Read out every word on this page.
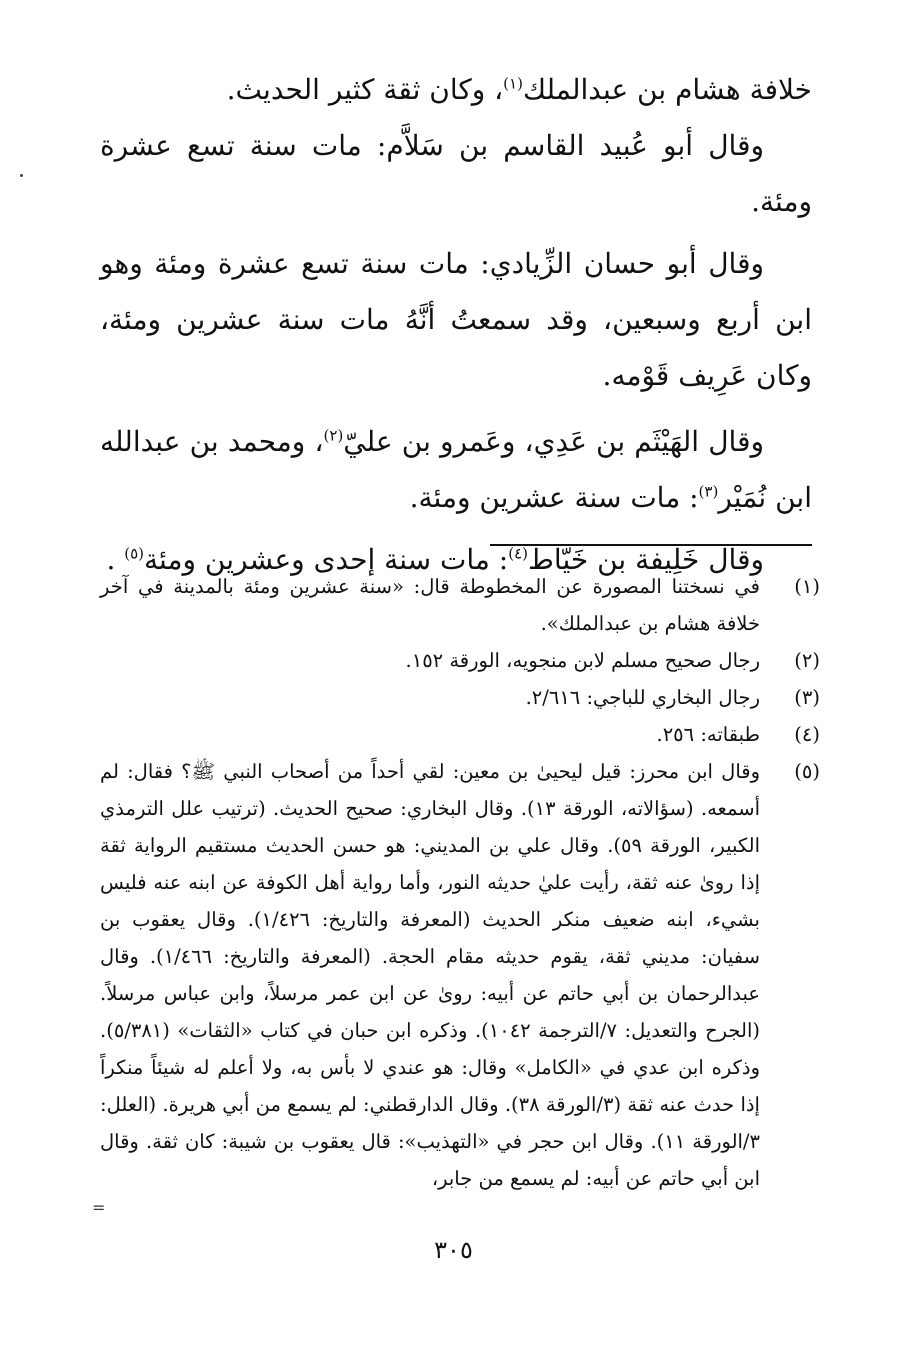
خلافة هشام بن عبدالملك$^{(١)}$، وكان ثقة كثير الحديث.

وقال أبو عُبيد القاسم بن سَلاَّم: مات سنة تسع عشرة ومئة.

وقال أبو حسان الزِّيادي: مات سنة تسع عشرة ومئة وهو ابن أربع وسبعين، وقد سمعتُ أنَّهُ مات سنة عشرين ومئة، وكان عَرِيف قَوْمه.

وقال الهَيْثَم بن عَدِي، وعَمرو بن عليّ$^{(٢)}$، ومحمد بن عبدالله ابن نُمَيْر$^{(٣)}$: مات سنة عشرين ومئة.

وقال خَلِيفة بن خَيّاط$^{(٤)}$: مات سنة إحدى وعشرين ومئة$^{(٥)}$ .

(١)
في نسختنا المصورة عن المخطوطة قال: «سنة عشرين ومئة بالمدينة في آخر خلافة هشام بن عبدالملك».
(٢)
رجال صحيح مسلم لابن منجويه، الورقة ١٥٢.
(٣)
رجال البخاري للباجي: ٢/٦١٦.
(٤)
طبقاته: ٢٥٦.
(٥)
وقال ابن محرز: قيل ليحيىٰ بن معين: لقي أحداً من أصحاب النبي ﷺ؟ فقال: لم أسمعه. (سؤالاته، الورقة ١٣). وقال البخاري: صحيح الحديث. (ترتيب علل الترمذي الكبير، الورقة ٥٩). وقال علي بن المديني: هو حسن الحديث مستقيم الرواية ثقة إذا روىٰ عنه ثقة، رأيت عليٰ حديثه النور، وأما رواية أهل الكوفة عن ابنه عنه فليس بشيء، ابنه ضعيف منكر الحديث (المعرفة والتاريخ: ١/٤٢٦). وقال يعقوب بن سفيان: مديني ثقة، يقوم حديثه مقام الحجة. (المعرفة والتاريخ: ١/٤٦٦). وقال عبدالرحمان بن أبي حاتم عن أبيه: روىٰ عن ابن عمر مرسلاً، وابن عباس مرسلاً. (الجرح والتعديل: ٧/الترجمة ١٠٤٢). وذكره ابن حبان في كتاب «الثقات» (٥/٣٨١). وذكره ابن عدي في «الكامل» وقال: هو عندي لا بأس به، ولا أعلم له شيئاً منكراً إذا حدث عنه ثقة (٣/الورقة ٣٨). وقال الدارقطني: لم يسمع من أبي هريرة. (العلل: ٣/الورقة ١١). وقال ابن حجر في «التهذيب»: قال يعقوب بن شيبة: كان ثقة. وقال ابن أبي حاتم عن أبيه: لم يسمع من جابر،
=
٣٠٥
